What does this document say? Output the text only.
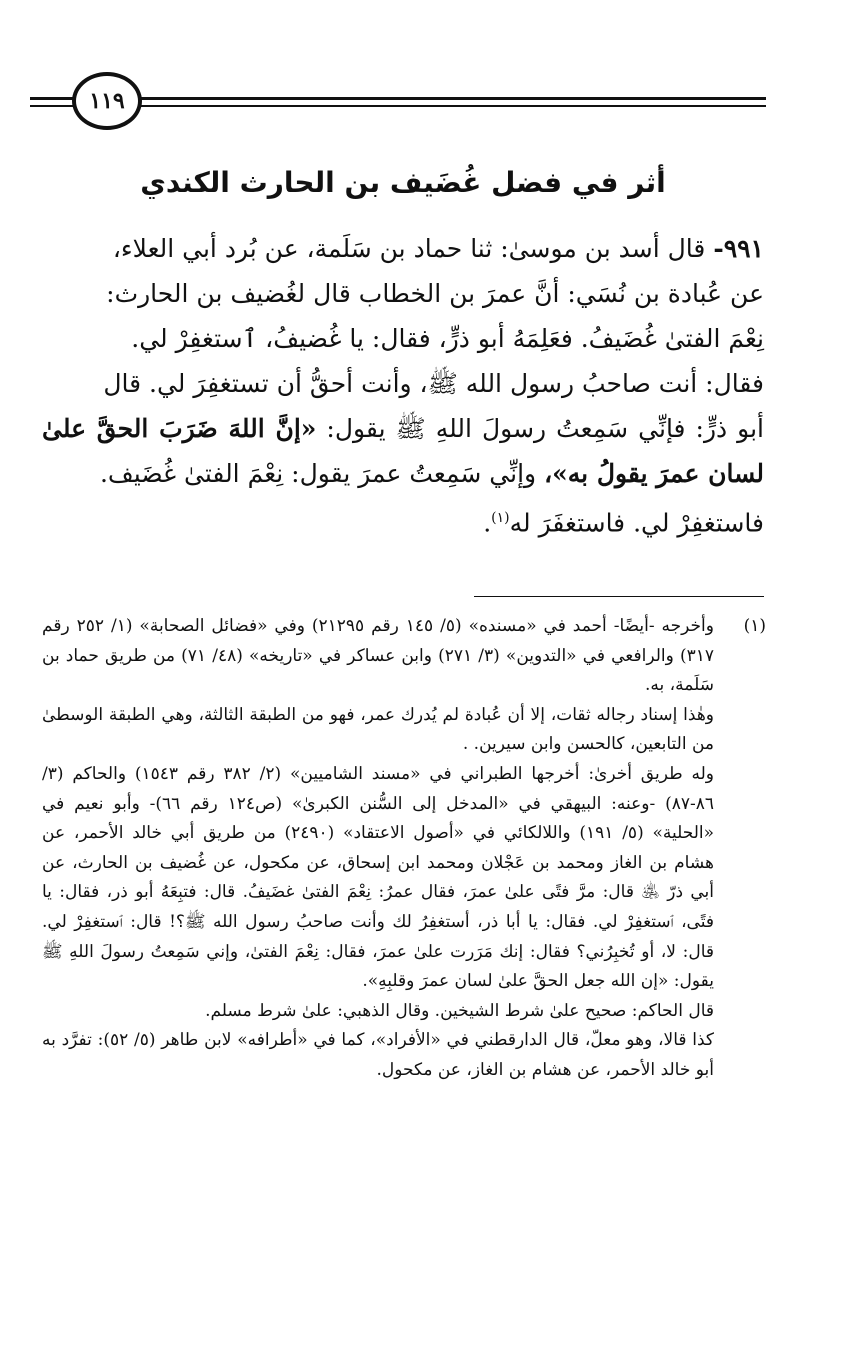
١١٩
أثر في فضل غُضَيف بن الحارث الكندي

٩٩١- قال أسد بن موسىٰ: ثنا حماد بن سَلَمة، عن بُرد أبي العلاء،

عن عُبادة بن نُسَي: أنَّ عمرَ بن الخطاب قال لغُضيف بن الحارث:

نِعْمَ الفتىٰ غُضَيفُ. فعَلِمَهُ أبو ذرٍّ، فقال: يا غُضيفُ، ٱستغفِرْ لي.

فقال: أنت صاحبُ رسول الله ﷺ، وأنت أحقُّ أن تستغفِرَ لي. قال

أبو ذرٍّ: فإنِّي سَمِعتُ رسولَ اللهِ ﷺ يقول: «إنَّ اللهَ ضَرَبَ الحقَّ علىٰ لسان عمرَ يقولُ به»، وإنِّي سَمِعتُ عمرَ يقول: نِعْمَ الفتىٰ غُضَيف.

فاستغفِرْ لي. فاستغفَرَ له$^{(١)}$.

(١)
وأخرجه -أيضًا- أحمد في «مسنده» (٥/ ١٤٥ رقم ٢١٢٩٥) وفي «فضائل الصحابة» (١/ ٢٥٢ رقم ٣١٧) والرافعي في «التدوين» (٣/ ٢٧١) وابن عساكر في «تاريخه» (٤٨/ ٧١) من طريق حماد بن سَلَمة، به.

وهٰذا إسناد رجاله ثقات، إلا أن عُبادة لم يُدرك عمر، فهو من الطبقة الثالثة، وهي الطبقة الوسطىٰ من التابعين، كالحسن وابن سيرين. .

وله طريق أخرىٰ: أخرجها الطبراني في «مسند الشاميين» (٢/ ٣٨٢ رقم ١٥٤٣) والحاكم (٣/ ٨٦-٨٧) -وعنه: البيهقي في «المدخل إلى السُّنن الكبرىٰ» (ص١٢٤ رقم ٦٦)- وأبو نعيم في «الحلية» (٥/ ١٩١) واللالكائي في «أصول الاعتقاد» (٢٤٩٠) من طريق أبي خالد الأحمر، عن هشام بن الغاز ومحمد بن عَجْلان ومحمد ابن إسحاق، عن مكحول، عن غُضيف بن الحارث، عن أبي ذرّ ﵁ قال: مرَّ فتًى علىٰ عمرَ، فقال عمرُ: نِعْمَ الفتىٰ غضَيفُ. قال: فتبِعَهُ أبو ذر، فقال: يا فتًى، ٱستغفِرْ لي. فقال: يا أبا ذر، أستغفِرُ لك وأنت صاحبُ رسول الله ﷺ؟! قال: ٱستغفِرْ لي. قال: لا، أو تُخبِرُني؟ فقال: إنك مَرَرت علىٰ عمرَ، فقال: نِعْمَ الفتىٰ، وإني سَمِعتُ رسولَ اللهِ ﷺ يقول: «إن الله جعل الحقَّ علىٰ لسان عمرَ وقلبِهِ».

قال الحاكم: صحيح علىٰ شرط الشيخين. وقال الذهبي: علىٰ شرط مسلم.

كذا قالا، وهو معلّ، قال الدارقطني في «الأفراد»، كما في «أطرافه» لابن طاهر (٥/ ٥٢): تفرَّد به أبو خالد الأحمر، عن هشام بن الغاز، عن مكحول.
